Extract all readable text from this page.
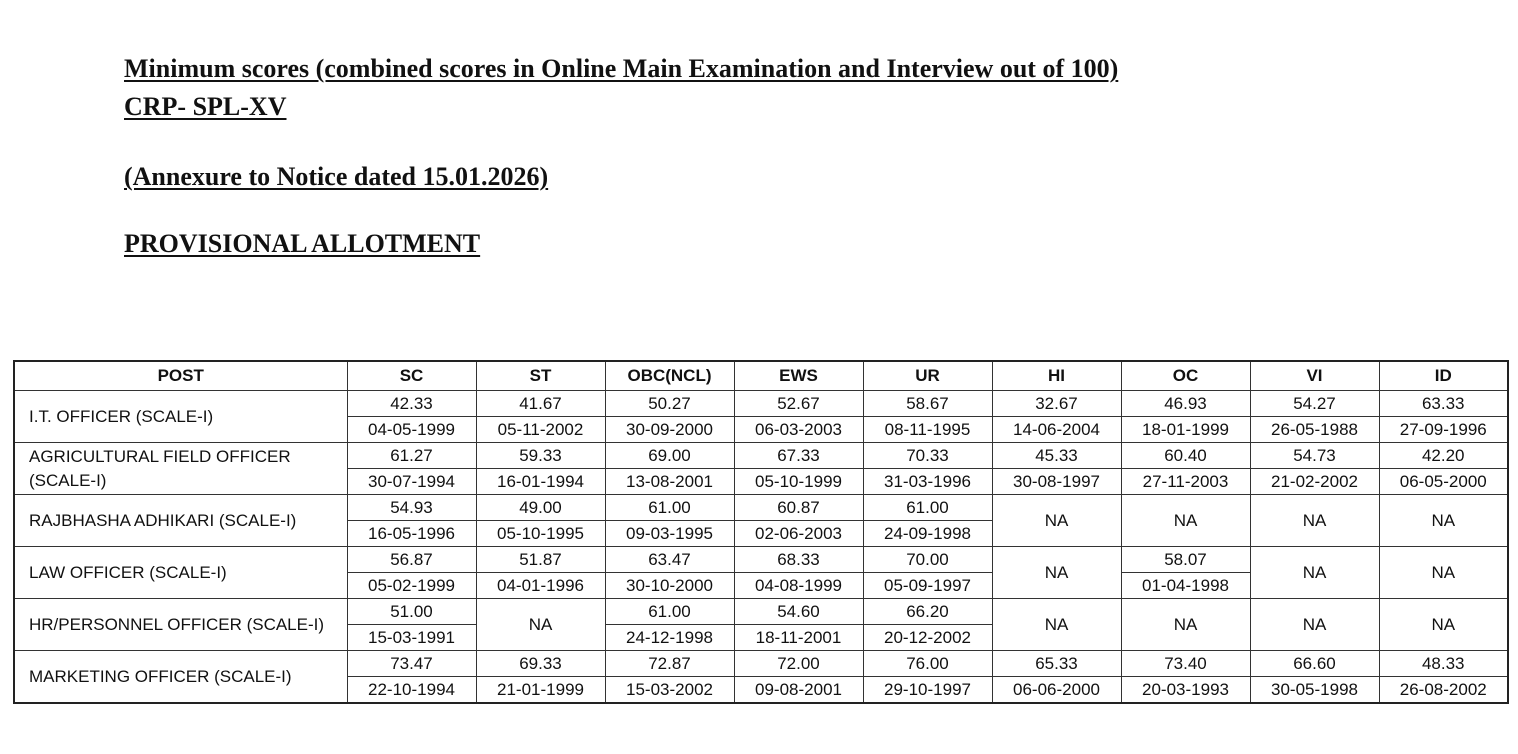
Minimum scores (combined scores in Online Main Examination and Interview out of 100)
CRP- SPL-XV
(Annexure to Notice dated 15.01.2026)
PROVISIONAL ALLOTMENT
POST	SC	ST	OBC(NCL)	EWS	UR	HI	OC	VI	ID
I.T. OFFICER (SCALE-I)	42.33	41.67	50.27	52.67	58.67	32.67	46.93	54.27	63.33
	04-05-1999	05-11-2002	30-09-2000	06-03-2003	08-11-1995	14-06-2004	18-01-1999	26-05-1988	27-09-1996
AGRICULTURAL FIELD OFFICER (SCALE-I)	61.27	59.33	69.00	67.33	70.33	45.33	60.40	54.73	42.20
	30-07-1994	16-01-1994	13-08-2001	05-10-1999	31-03-1996	30-08-1997	27-11-2003	21-02-2002	06-05-2000
RAJBHASHA ADHIKARI (SCALE-I)	54.93	49.00	61.00	60.87	61.00	NA	NA	NA	NA
	16-05-1996	05-10-1995	09-03-1995	02-06-2003	24-09-1998				
LAW OFFICER (SCALE-I)	56.87	51.87	63.47	68.33	70.00	NA	58.07	NA	NA
	05-02-1999	04-01-1996	30-10-2000	04-08-1999	05-09-1997		01-04-1998		
HR/PERSONNEL OFFICER (SCALE-I)	51.00	NA	61.00	54.60	66.20	NA	NA	NA	NA
	15-03-1991		24-12-1998	18-11-2001	20-12-2002				
MARKETING OFFICER (SCALE-I)	73.47	69.33	72.87	72.00	76.00	65.33	73.40	66.60	48.33
	22-10-1994	21-01-1999	15-03-2002	09-08-2001	29-10-1997	06-06-2000	20-03-1993	30-05-1998	26-08-2002
